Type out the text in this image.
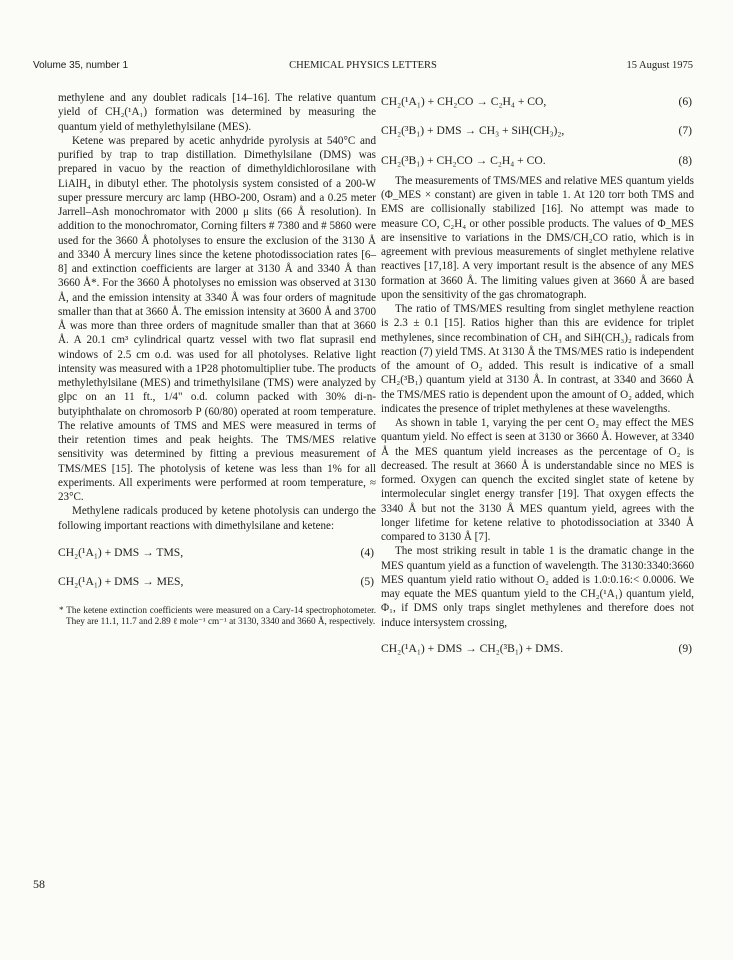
Volume 35, number 1	CHEMICAL PHYSICS LETTERS	15 August 1975

methylene and any doublet radicals [14–16]. The relative quantum yield of CH₂(¹A₁) formation was determined by measuring the quantum yield of methylethylsilane (MES).

Ketene was prepared by acetic anhydride pyrolysis at 540°C and purified by trap to trap distillation. Dimethylsilane (DMS) was prepared in vacuo by the reaction of dimethyldichlorosilane with LiAlH₄ in dibutyl ether. The photolysis system consisted of a 200-W super pressure mercury arc lamp (HBO-200, Osram) and a 0.25 meter Jarrell–Ash monochromator with 2000 μ slits (66 Å resolution). In addition to the monochromator, Corning filters # 7380 and # 5860 were used for the 3660 Å photolyses to ensure the exclusion of the 3130 Å and 3340 Å mercury lines since the ketene photodissociation rates [6–8] and extinction coefficients are larger at 3130 Å and 3340 Å than 3660 Å*. For the 3660 Å photolyses no emission was observed at 3130 Å, and the emission intensity at 3340 Å was four orders of magnitude smaller than that at 3660 Å. The emission intensity at 3600 Å and 3700 Å was more than three orders of magnitude smaller than that at 3660 Å. A 20.1 cm³ cylindrical quartz vessel with two flat suprasil end windows of 2.5 cm o.d. was used for all photolyses. Relative light intensity was measured with a 1P28 photomultiplier tube. The products methylethylsilane (MES) and trimethylsilane (TMS) were analyzed by glpc on an 11 ft., 1/4" o.d. column packed with 30% di-n-butyiphthalate on chromosorb P (60/80) operated at room temperature. The relative amounts of TMS and MES were measured in terms of their retention times and peak heights. The TMS/MES relative sensitivity was determined by fitting a previous measurement of TMS/MES [15]. The photolysis of ketene was less than 1% for all experiments. All experiments were performed at room temperature, ≈ 23°C.

Methylene radicals produced by ketene photolysis can undergo the following important reactions with dimethylsilane and ketene:

CH₂(¹A₁) + DMS → TMS,	(4)
CH₂(¹A₁) + DMS → MES,	(5)
* The ketene extinction coefficients were measured on a Cary-14 spectrophotometer. They are 11.1, 11.7 and 2.89 ℓ mole⁻¹ cm⁻¹ at 3130, 3340 and 3660 Å, respectively.
CH₂(¹A₁) + CH₂CO → C₂H₄ + CO,	(6)
CH₂(³B₁) + DMS → CH₃ + SiH(CH₃)₂,	(7)
CH₂(³B₁) + CH₂CO → C₂H₄ + CO.	(8)

The measurements of TMS/MES and relative MES quantum yields (Φ_MES × constant) are given in table 1. At 120 torr both TMS and EMS are collisionally stabilized [16]. No attempt was made to measure CO, C₂H₄ or other possible products. The values of Φ_MES are insensitive to variations in the DMS/CH₂CO ratio, which is in agreement with previous measurements of singlet methylene relative reactives [17,18]. A very important result is the absence of any MES formation at 3660 Å. The limiting values given at 3660 Å are based upon the sensitivity of the gas chromatograph.

The ratio of TMS/MES resulting from singlet methylene reaction is 2.3 ± 0.1 [15]. Ratios higher than this are evidence for triplet methylenes, since recombination of CH₃ and SiH(CH₃)₂ radicals from reaction (7) yield TMS. At 3130 Å the TMS/MES ratio is independent of the amount of O₂ added. This result is indicative of a small CH₂(³B₁) quantum yield at 3130 Å. In contrast, at 3340 and 3660 Å the TMS/MES ratio is dependent upon the amount of O₂ added, which indicates the presence of triplet methylenes at these wavelengths.

As shown in table 1, varying the per cent O₂ may effect the MES quantum yield. No effect is seen at 3130 or 3660 Å. However, at 3340 Å the MES quantum yield increases as the percentage of O₂ is decreased. The result at 3660 Å is understandable since no MES is formed. Oxygen can quench the excited singlet state of ketene by intermolecular singlet energy transfer [19]. That oxygen effects the 3340 Å but not the 3130 Å MES quantum yield, agrees with the longer lifetime for ketene relative to photodissociation at 3340 Å compared to 3130 Å [7].

The most striking result in table 1 is the dramatic change in the MES quantum yield as a function of wavelength. The 3130:3340:3660 MES quantum yield ratio without O₂ added is 1.0:0.16:< 0.0006. We may equate the MES quantum yield to the CH₂(¹A₁) quantum yield, Φ₁, if DMS only traps singlet methylenes and therefore does not induce intersystem crossing,

CH₂(¹A₁) + DMS → CH₂(³B₁) + DMS.	(9)
58
